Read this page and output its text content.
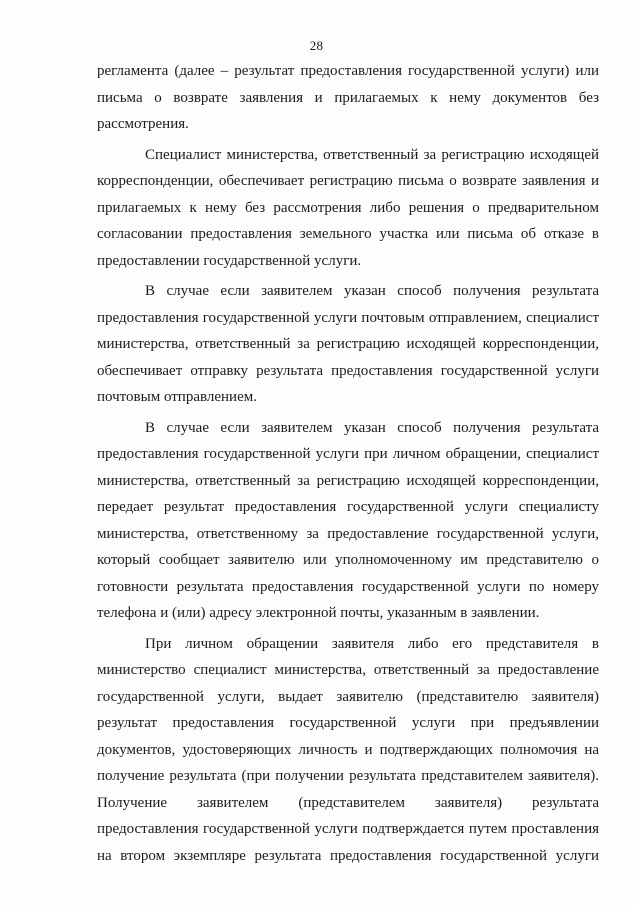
28

регламента (далее – результат предоставления государственной услуги) или письма о возврате заявления и прилагаемых к нему документов без рассмотрения.

Специалист министерства, ответственный за регистрацию исходящей корреспонденции, обеспечивает регистрацию письма о возврате заявления и прилагаемых к нему без рассмотрения либо решения о предварительном согласовании предоставления земельного участка или письма об отказе в предоставлении государственной услуги.

В случае если заявителем указан способ получения результата предоставления государственной услуги почтовым отправлением, специалист министерства, ответственный за регистрацию исходящей корреспонденции, обеспечивает отправку результата предоставления государственной услуги почтовым отправлением.

В случае если заявителем указан способ получения результата предоставления государственной услуги при личном обращении, специалист министерства, ответственный за регистрацию исходящей корреспонденции, передает результат предоставления государственной услуги специалисту министерства, ответственному за предоставление государственной услуги, который сообщает заявителю или уполномоченному им представителю о готовности результата предоставления государственной услуги по номеру телефона и (или) адресу электронной почты, указанным в заявлении.

При личном обращении заявителя либо его представителя в министерство специалист министерства, ответственный за предоставление государственной услуги, выдает заявителю (представителю заявителя) результат предоставления государственной услуги при предъявлении документов, удостоверяющих личность и подтверждающих полномочия на получение результата (при получении результата представителем заявителя). Получение заявителем (представителем заявителя) результата предоставления государственной услуги подтверждается путем проставления на втором экземпляре результата предоставления государственной услуги
